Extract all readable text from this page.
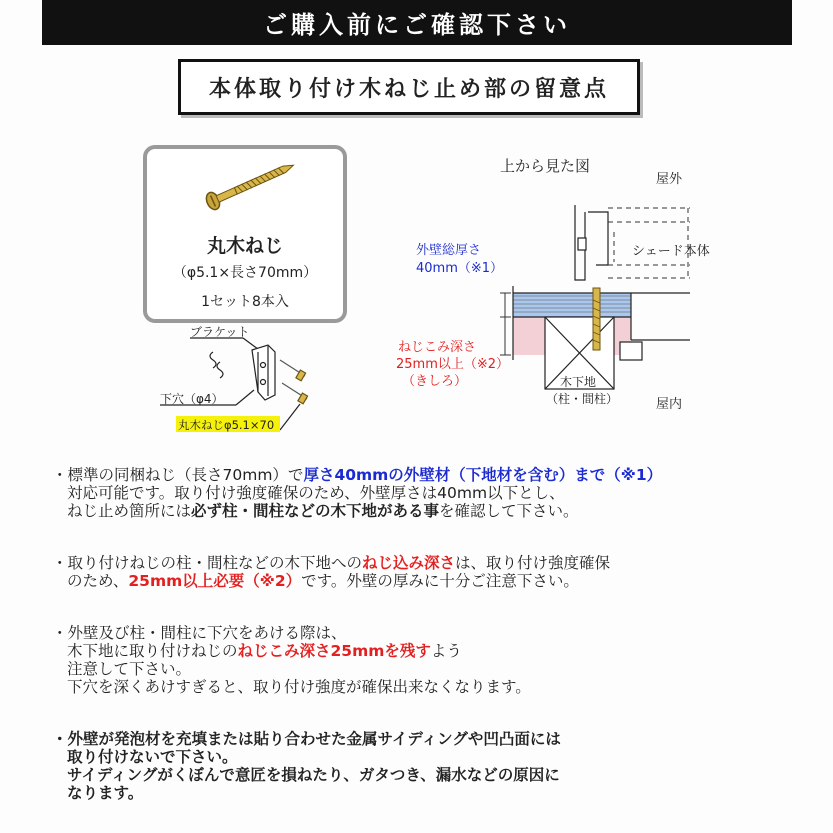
ご購入前にご確認下さい
本体取り付け木ねじ止め部の留意点
丸木ねじ
（φ5.1×長さ70mm）
1セット8本入
ブラケット
下穴（φ4）
丸木ねじφ5.1×70
上から見た図
屋外
シェード本体
外壁総厚さ
40mm（※1）
ねじこみ深さ
25mm以上（※2）
（きしろ）	木下地
（柱・間柱）	屋内

・標準の同梱ねじ（長さ70mm）で厚さ40mmの外壁材（下地材を含む）まで（※1）

対応可能です。取り付け強度確保のため、外壁厚さは40mm以下とし、

ねじ止め箇所には必ず柱・間柱などの木下地がある事を確認して下さい。

・取り付けねじの柱・間柱などの木下地へのねじ込み深さは、取り付け強度確保

のため、25mm以上必要（※2）です。外壁の厚みに十分ご注意下さい。

・外壁及び柱・間柱に下穴をあける際は、

木下地に取り付けねじのねじこみ深さ25mmを残すよう

注意して下さい。

下穴を深くあけすぎると、取り付け強度が確保出来なくなります。

・外壁が発泡材を充填または貼り合わせた金属サイディングや凹凸面には

取り付けないで下さい。

サイディングがくぼんで意匠を損ねたり、ガタつき、漏水などの原因に

なります。
